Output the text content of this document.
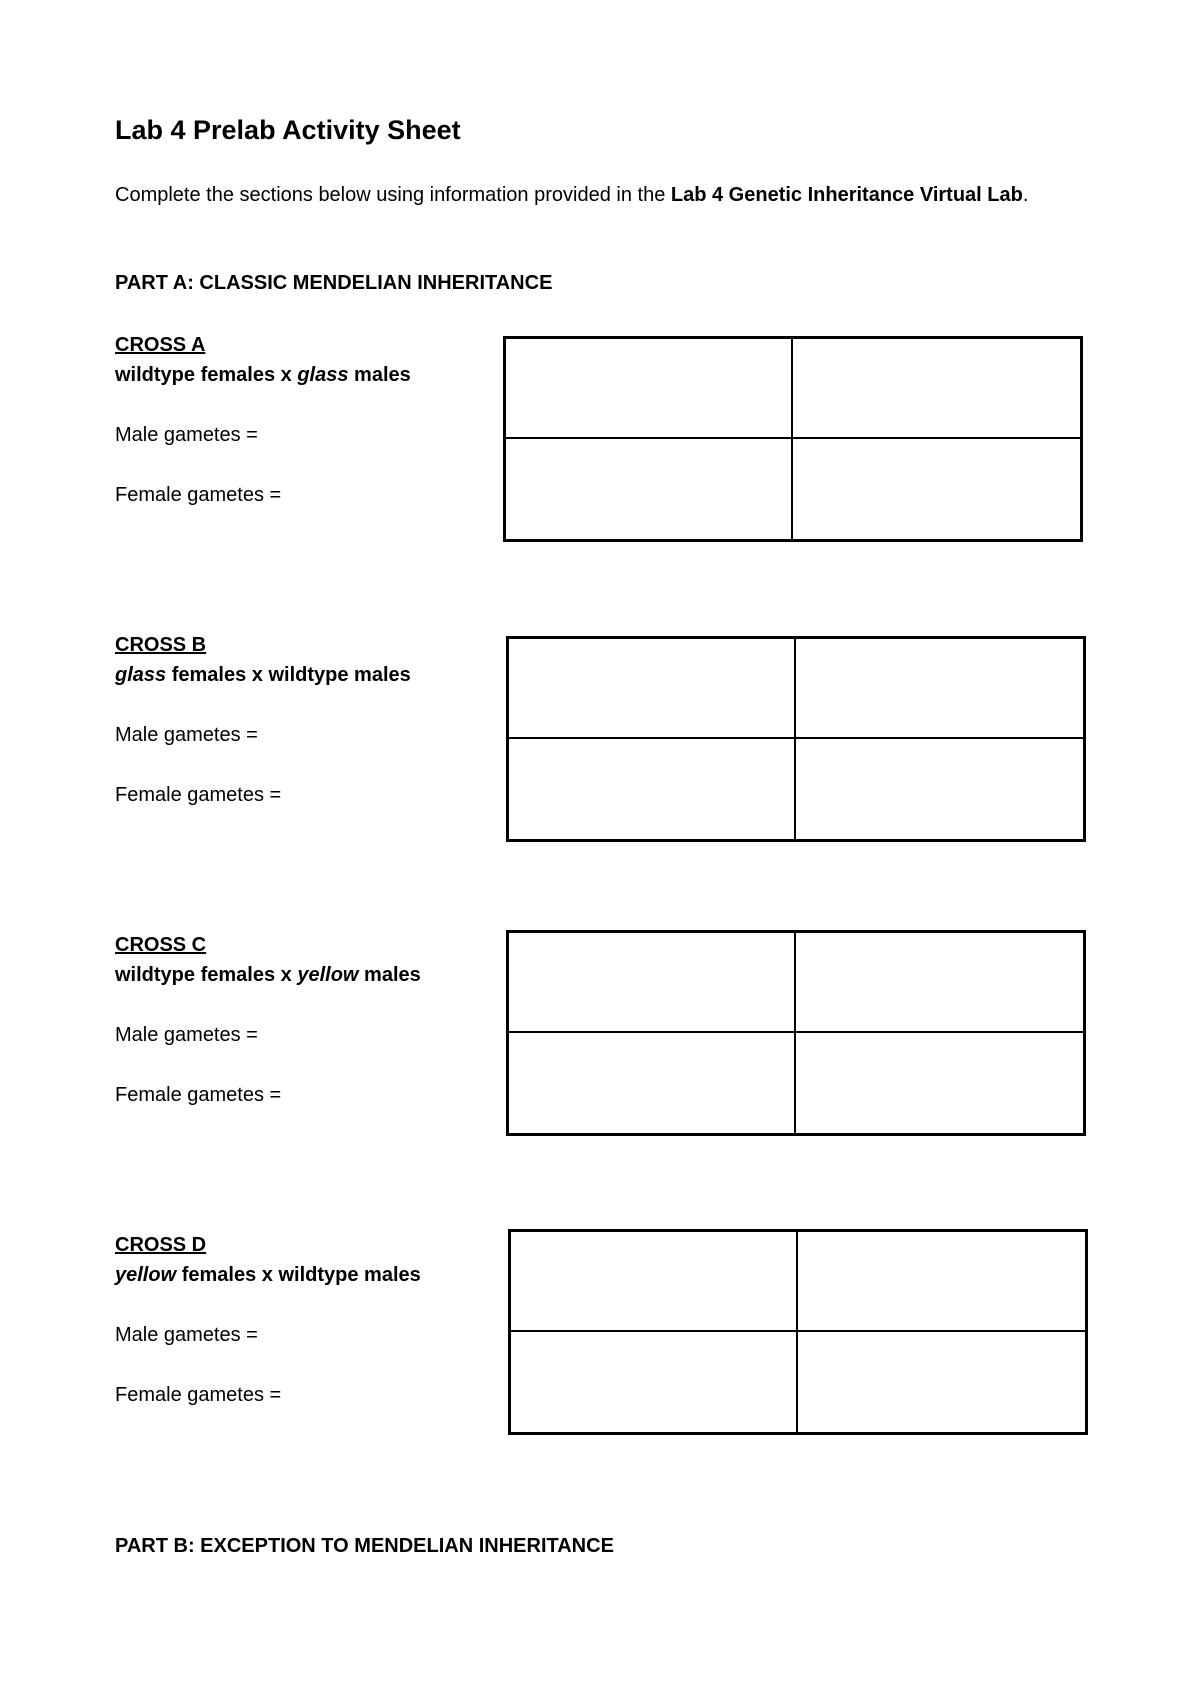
Lab 4 Prelab Activity Sheet

Complete the sections below using information provided in the Lab 4 Genetic Inheritance Virtual Lab.

PART A: CLASSIC MENDELIAN INHERITANCE
CROSS A
wildtype females x glass males
Male gametes =
Female gametes =
CROSS B
glass females x wildtype males
Male gametes =
Female gametes =
CROSS C
wildtype females x yellow males
Male gametes =
Female gametes =
CROSS D
yellow females x wildtype males
Male gametes =
Female gametes =
PART B: EXCEPTION TO MENDELIAN INHERITANCE
